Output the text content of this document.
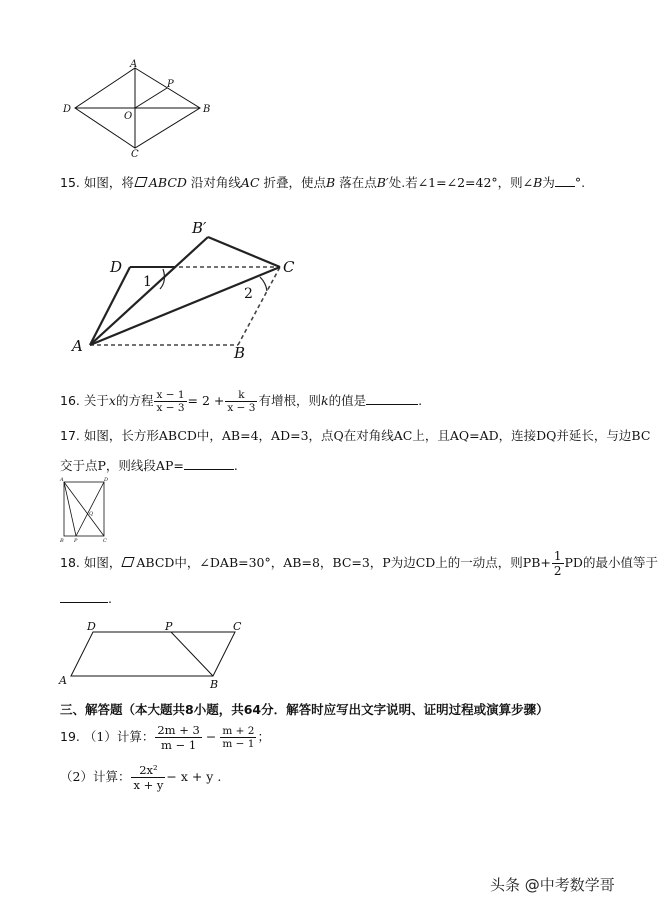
A
P
D
O
B
C
15. 如图，将 ABCD 沿对角线AC 折叠，使点B 落在点B′处.若∠1=∠2=42°，则∠B为 °.
B′
D	C
A	B
1
2
16. 关于x的方程 $\frac{x - 1}{x - 3} = 2 + \frac{k}{x - 3}$ 有增根，则k的值是	.
17. 如图，长方形ABCD中，AB=4，AD=3，点Q在对角线AC上，且AQ=AD，连接DQ并延长，与边BC
交于点P，则线段AP=	.
A	D
Q
B P	C
18. 如图， ABCD中，∠DAB=30°，AB=8，BC=3，P为边CD上的一动点，则$PB+ \frac{1}{2}$ PD的最小值等于
.
D	P	C
A	B
三、解答题（本大题共8小题，共64分．解答时应写出文字说明、证明过程或演算步骤）
19. （1）计算： $\frac{2m + 3}{m - 1} - \frac{m + 2}{m - 1}$ ；
（2）计算： $\frac{\text{2x²}}{x + y} - x + y$ .
头条 @中考数学哥
